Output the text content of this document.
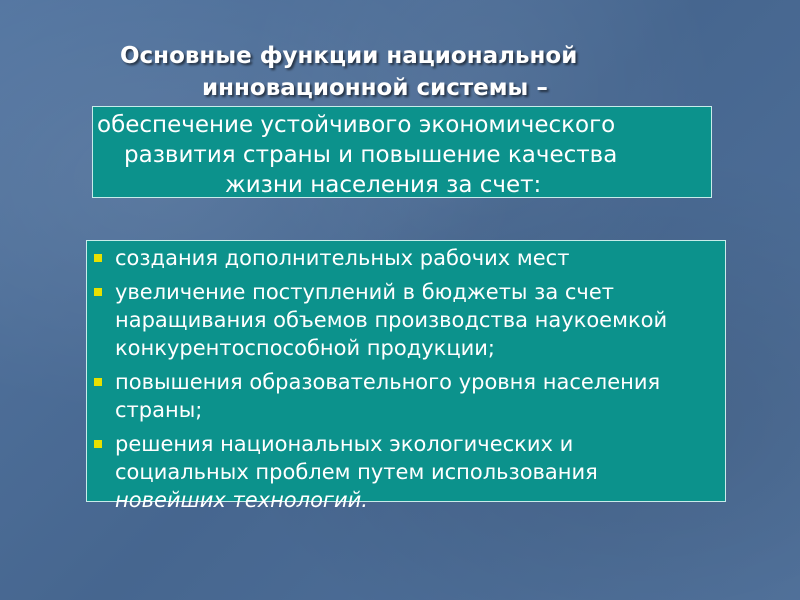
Основные функции национальной
инновационной системы –
обеспечение устойчивого экономического
развития страны и повышение качества
жизни населения за счет:
создания дополнительных рабочих мест
увеличение поступлений в бюджеты за счет
наращивания объемов производства наукоемкой
конкурентоспособной продукции;
повышения образовательного уровня населения
страны;
решения национальных экологических и
социальных проблем путем использования
новейших технологий.
